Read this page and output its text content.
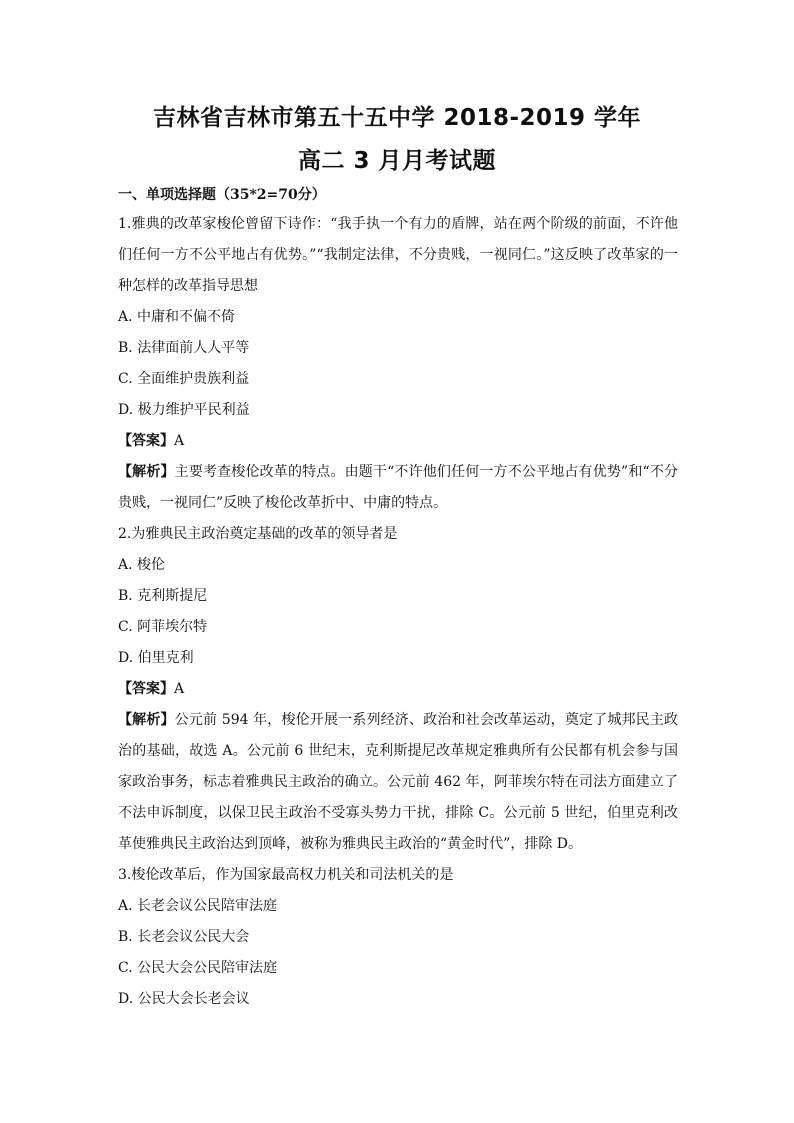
吉林省吉林市第五十五中学 2018-2019 学年
高二 3 月月考试题
一、单项选择题（35*2=70分）

1.雅典的改革家梭伦曾留下诗作：“我手执一个有力的盾牌，站在两个阶级的前面，不许他们任何一方不公平地占有优势。”“我制定法律，不分贵贱，一视同仁。”这反映了改革家的一种怎样的改革指导思想

A. 中庸和不偏不倚

B. 法律面前人人平等

C. 全面维护贵族利益

D. 极力维护平民利益

【答案】A

【解析】主要考查梭伦改革的特点。由题干“不许他们任何一方不公平地占有优势”和“不分贵贱，一视同仁”反映了梭伦改革折中、中庸的特点。

2.为雅典民主政治奠定基础的改革的领导者是

A. 梭伦

B. 克利斯提尼

C. 阿菲埃尔特

D. 伯里克利

【答案】A

【解析】公元前 594 年，梭伦开展一系列经济、政治和社会改革运动，奠定了城邦民主政治的基础，故选 A。公元前 6 世纪末，克利斯提尼改革规定雅典所有公民都有机会参与国家政治事务，标志着雅典民主政治的确立。公元前 462 年，阿菲埃尔特在司法方面建立了不法申诉制度，以保卫民主政治不受寡头势力干扰，排除 C。公元前 5 世纪，伯里克利改革使雅典民主政治达到顶峰，被称为雅典民主政治的“黄金时代”，排除 D。

3.梭伦改革后，作为国家最高权力机关和司法机关的是

A. 长老会议公民陪审法庭

B. 长老会议公民大会

C. 公民大会公民陪审法庭

D. 公民大会长老会议
